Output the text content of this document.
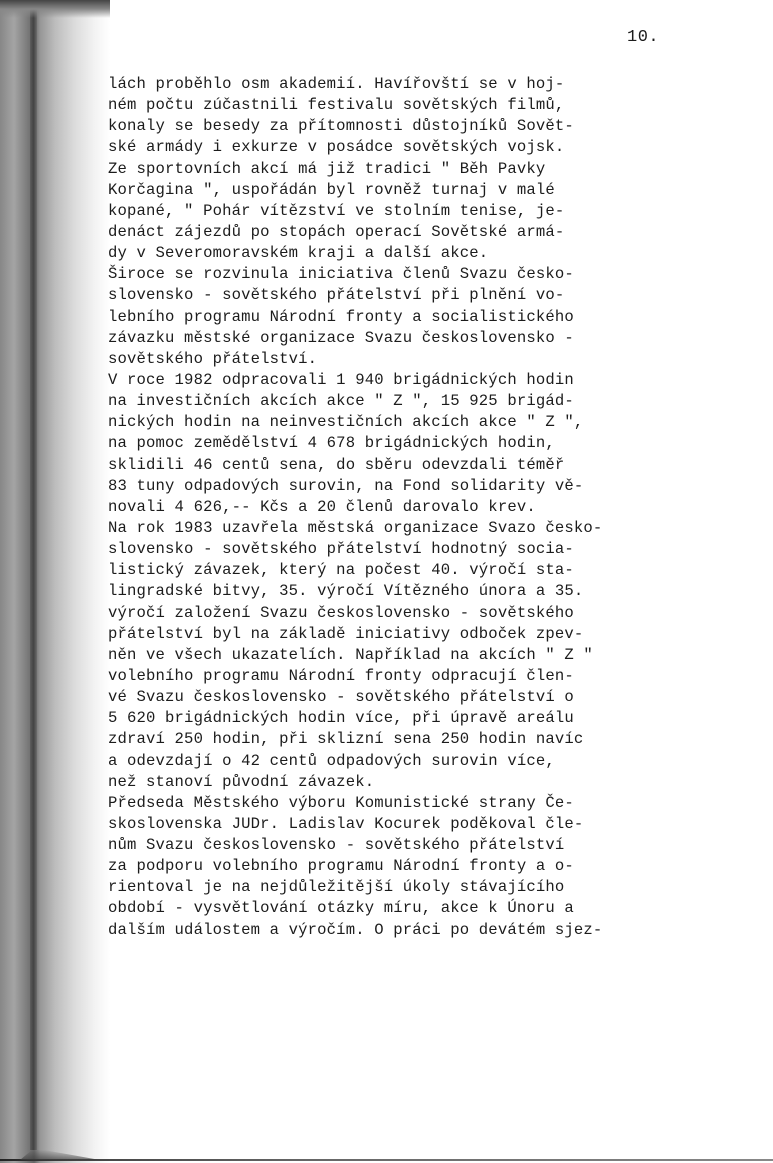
10.
lách proběhlo osm akademií. Havířovští se v hoj-
ném počtu zúčastnili festivalu sovětských filmů,
konaly se besedy za přítomnosti důstojníků Sovět-
ské armády i exkurze v posádce sovětských vojsk.
Ze sportovních akcí má již tradici " Běh Pavky
Korčagina ", uspořádán byl rovněž turnaj v malé
kopané, " Pohár vítězství ve stolním tenise, je-
denáct zájezdů po stopách operací Sovětské armá-
dy v Severomoravském kraji a další akce.
Široce se rozvinula iniciativa členů Svazu česko-
slovensko - sovětského přátelství při plnění vo-
lebního programu Národní fronty a socialistického
závazku městské organizace Svazu československo -
sovětského přátelství.
V roce 1982 odpracovali 1 940 brigádnických hodin
na investičních akcích akce " Z ", 15 925 brigád-
nických hodin na neinvestičních akcích akce " Z ",
na pomoc zemědělství 4 678 brigádnických hodin,
sklidili 46 centů sena, do sběru odevzdali téměř
83 tuny odpadových surovin, na Fond solidarity vě-
novali 4 626,-- Kčs a 20 členů darovalo krev.
Na rok 1983 uzavřela městská organizace Svazo česko-
slovensko - sovětského přátelství hodnotný socia-
listický závazek, který na počest 40. výročí sta-
lingradské bitvy, 35. výročí Vítězného února a 35.
výročí založení Svazu československo - sovětského
přátelství byl na základě iniciativy odboček zpev-
něn ve všech ukazatelích. Například na akcích " Z "
volebního programu Národní fronty odpracují člen-
vé Svazu československo - sovětského přátelství o
5 620 brigádnických hodin více, při úpravě areálu
zdraví 250 hodin, při sklizní sena 250 hodin navíc
a odevzdají o 42 centů odpadových surovin více,
než stanoví původní závazek.
Předseda Městského výboru Komunistické strany Če-
skoslovenska JUDr. Ladislav Kocurek poděkoval čle-
nům Svazu československo - sovětského přátelství
za podporu volebního programu Národní fronty a o-
rientoval je na nejdůležitější úkoly stávajícího
období - vysvětlování otázky míru, akce k Únoru a
dalším událostem a výročím. O práci po devátém sjez-
